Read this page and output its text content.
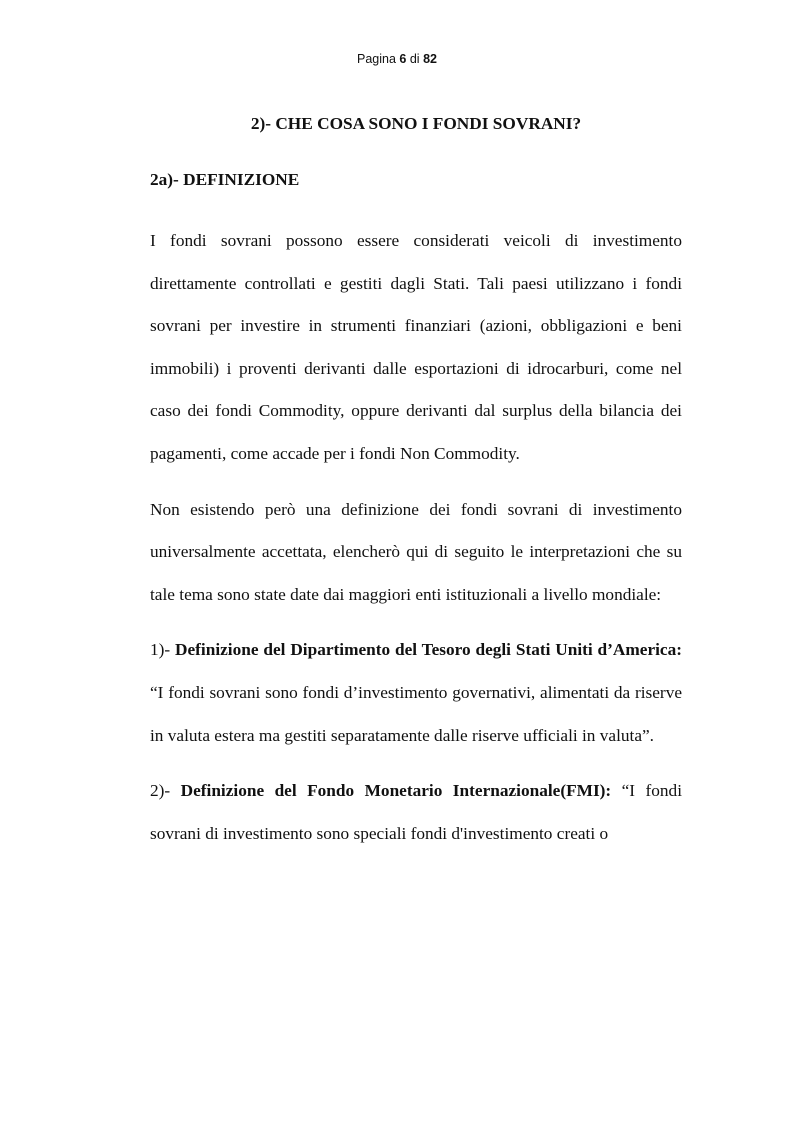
Pagina 6 di 82
2)- CHE COSA SONO I FONDI SOVRANI?
2a)- DEFINIZIONE

I fondi sovrani possono essere considerati veicoli di investimento direttamente controllati e gestiti dagli Stati. Tali paesi utilizzano i fondi sovrani per investire in strumenti finanziari (azioni, obbligazioni e beni immobili) i proventi derivanti dalle esportazioni di idrocarburi, come nel caso dei fondi Commodity, oppure derivanti dal surplus della bilancia dei pagamenti, come accade per i fondi Non Commodity.

Non esistendo però una definizione dei fondi sovrani di investimento universalmente accettata, elencherò qui di seguito le interpretazioni che su tale tema sono state date dai maggiori enti istituzionali a livello mondiale:

1)- Definizione del Dipartimento del Tesoro degli Stati Uniti d’America: “I fondi sovrani sono fondi d’investimento governativi, alimentati da riserve in valuta estera ma gestiti separatamente dalle riserve ufficiali in valuta”.

2)- Definizione del Fondo Monetario Internazionale(FMI): “I fondi sovrani di investimento sono speciali fondi d'investimento creati o
